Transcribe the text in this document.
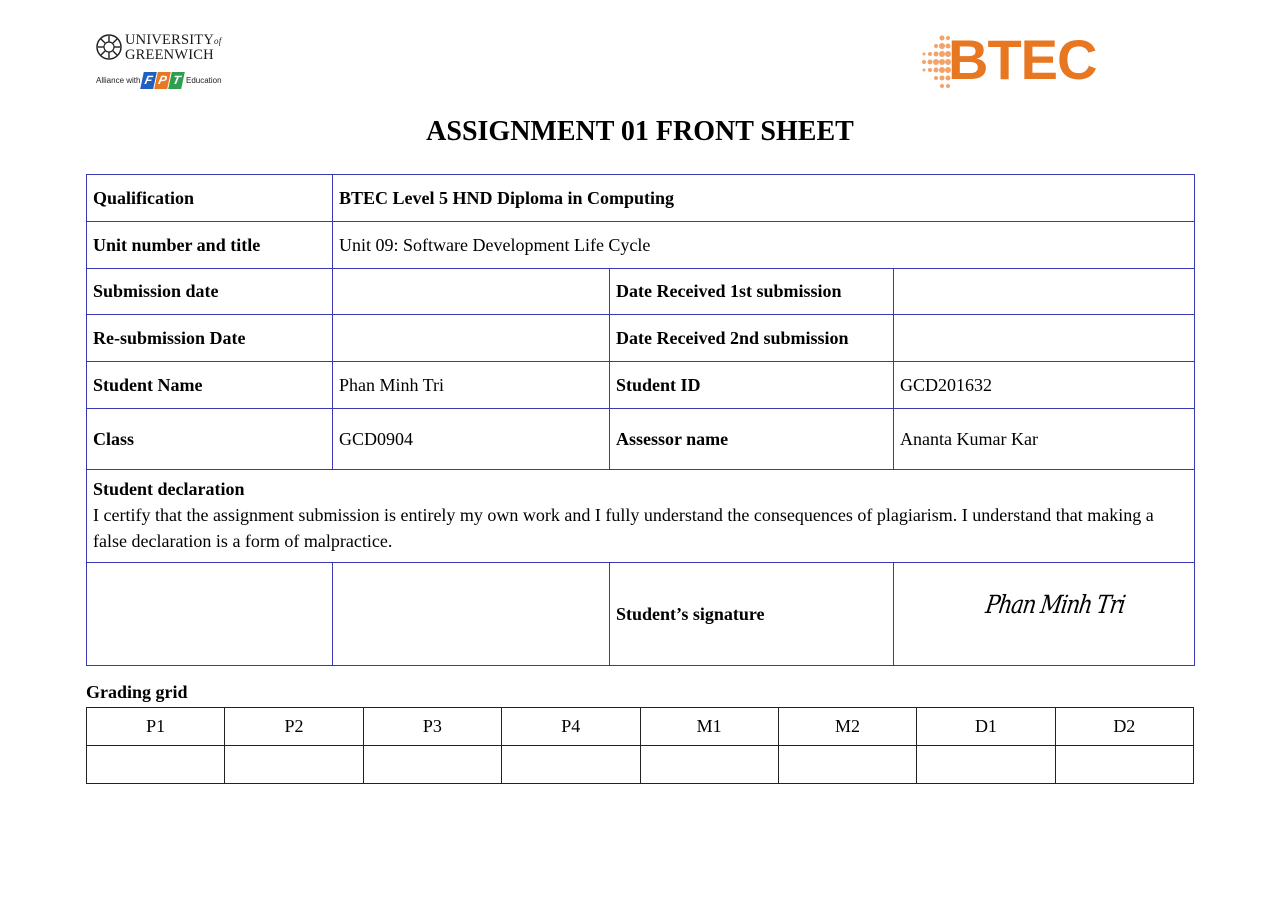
UNIVERSITYof
GREENWICH
Alliance with F P T Education	BTEC
ASSIGNMENT 01 FRONT SHEET
Qualification	BTEC Level 5 HND Diploma in Computing		
Unit number and title	Unit 09: Software Development Life Cycle		
Submission date		Date Received 1st submission	
Re-submission Date		Date Received 2nd submission	
Student Name	Phan Minh Tri	Student ID	GCD201632
Class	GCD0904	Assessor name	Ananta Kumar Kar

Student declaration
I certify that the assignment submission is entirely my own work and I fully understand the consequences of plagiarism. I understand that making a false declaration is a form of malpractice.			

		Student’s signature	Phan Minh Tri
Grading grid
P1	P2	P3	P4	M1	M2	D1	D2
